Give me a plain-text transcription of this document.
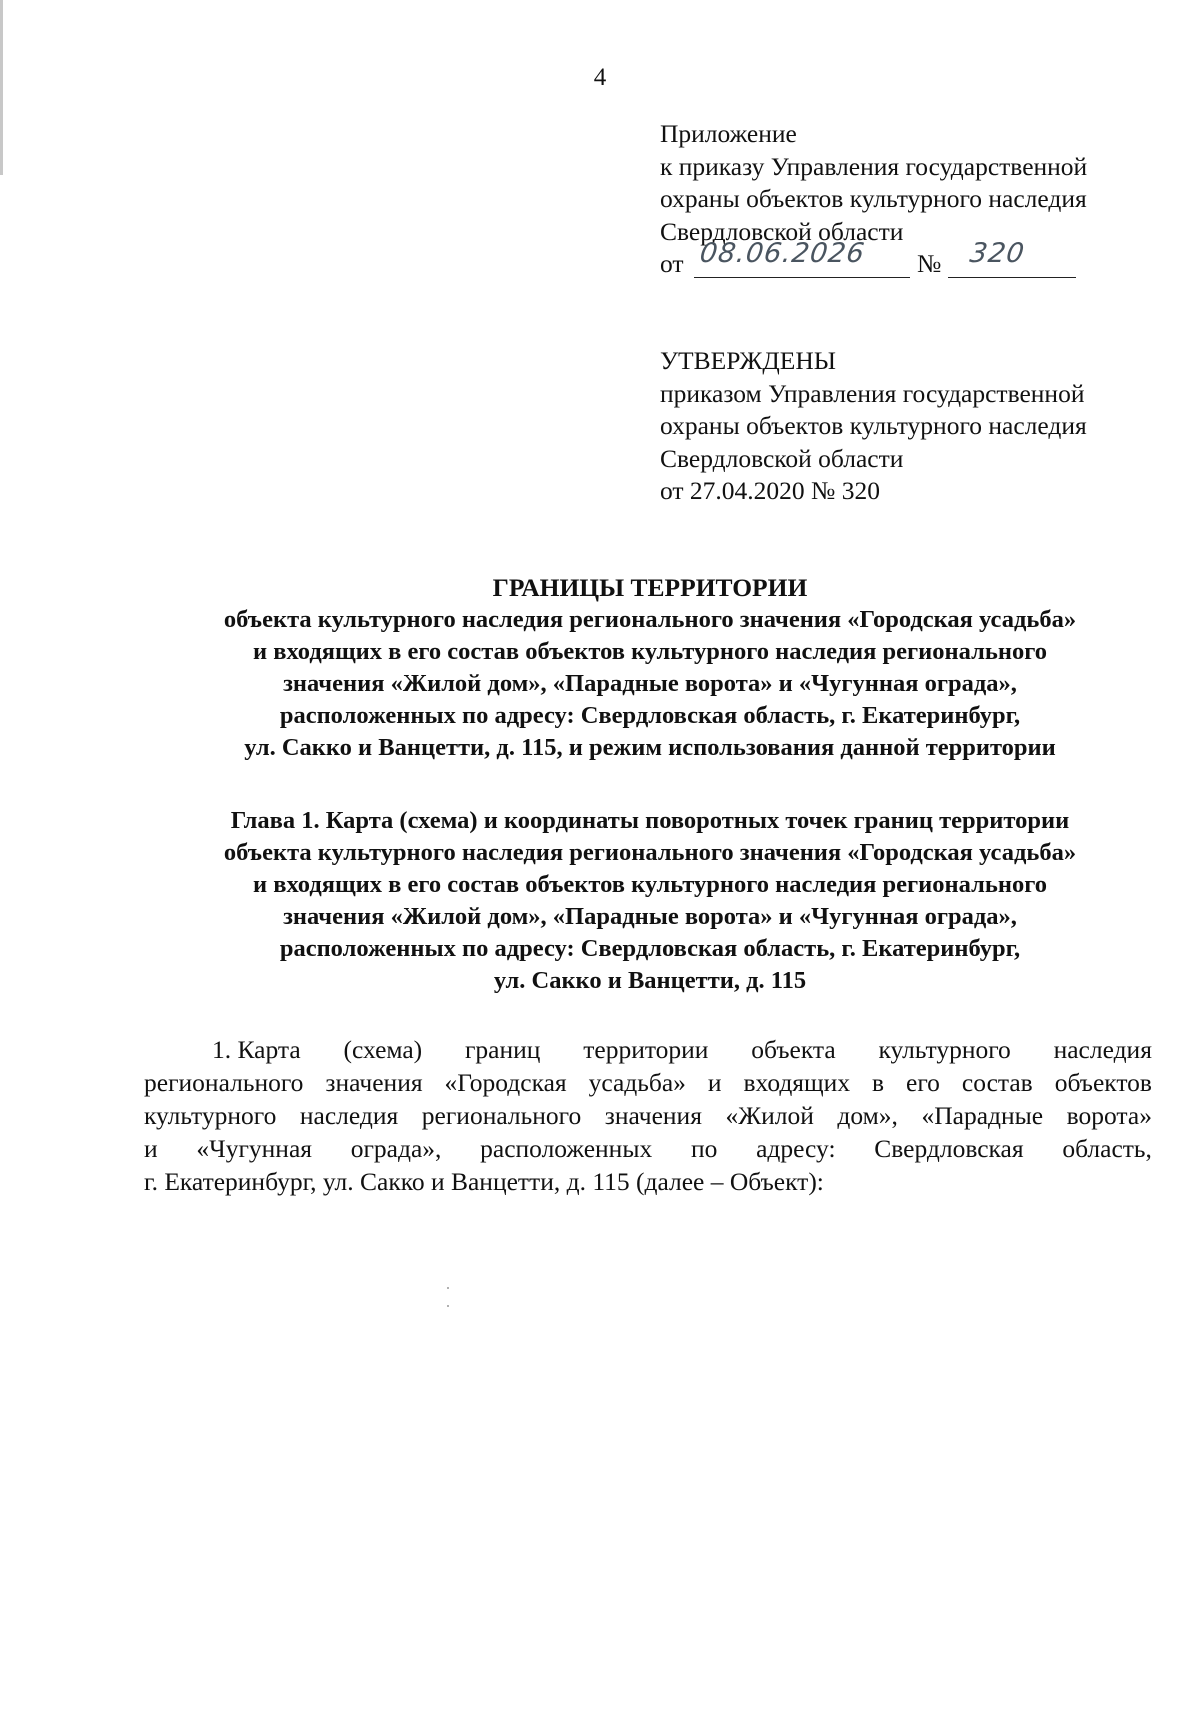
4
Приложение
к приказу Управления государственной
охраны объектов культурного наследия
Свердловской области
от 08.06.2026 № 320
УТВЕРЖДЕНЫ
приказом Управления государственной
охраны объектов культурного наследия
Свердловской области
от 27.04.2020 № 320
ГРАНИЦЫ ТЕРРИТОРИИ
объекта культурного наследия регионального значения «Городская усадьба»
и входящих в его состав объектов культурного наследия регионального
значения «Жилой дом», «Парадные ворота» и «Чугунная ограда»,
расположенных по адресу: Свердловская область, г. Екатеринбург,
ул. Сакко и Ванцетти, д. 115, и режим использования данной территории
Глава 1. Карта (схема) и координаты поворотных точек границ территории
объекта культурного наследия регионального значения «Городская усадьба»
и входящих в его состав объектов культурного наследия регионального
значения «Жилой дом», «Парадные ворота» и «Чугунная ограда»,
расположенных по адресу: Свердловская область, г. Екатеринбург,
ул. Сакко и Ванцетти, д. 115
1. Карта (схема) границ территории объекта культурного наследия
регионального значения «Городская усадьба» и входящих в его состав объектов
культурного наследия регионального значения «Жилой дом», «Парадные ворота»
и «Чугунная ограда», расположенных по адресу: Свердловская область,
г. Екатеринбург, ул. Сакко и Ванцетти, д. 115 (далее – Объект):
